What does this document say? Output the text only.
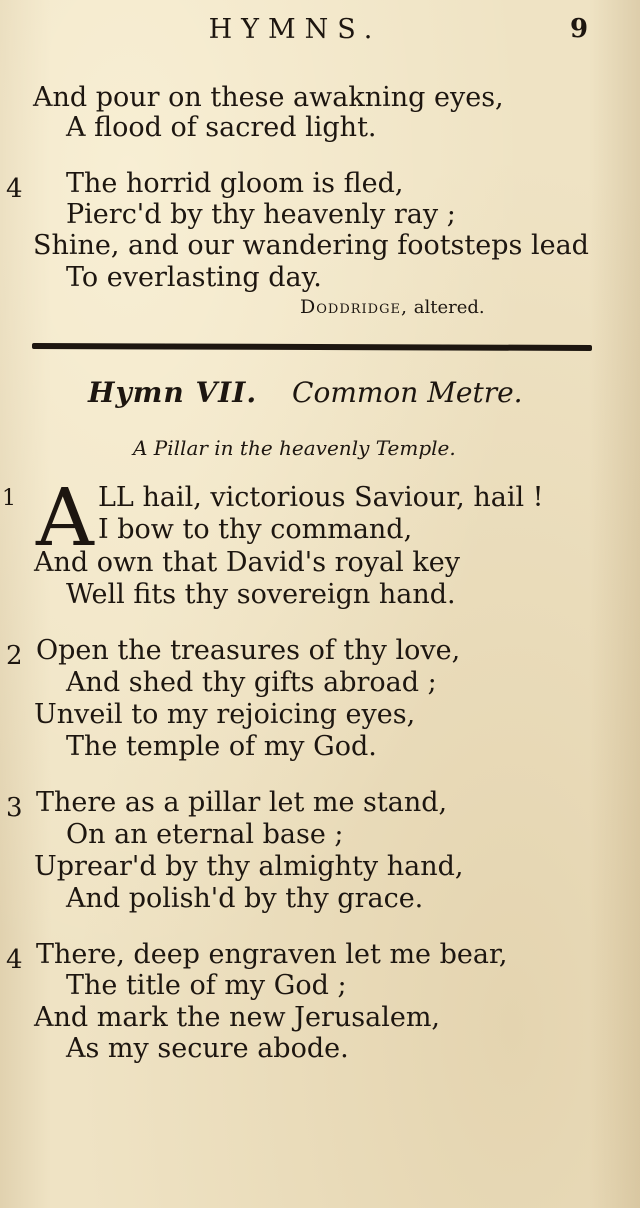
HYMNS.	9
And pour on these awakning eyes,
A flood of sacred light.
4 The horrid gloom is fled,
Pierc'd by thy heavenly ray ;
Shine, and our wandering footsteps lead
To everlasting day.
Doddridge, altered.
Hymn VII. Common Metre.
A Pillar in the heavenly Temple.
1 A LL hail, victorious Saviour, hail !
I bow to thy command,
And own that David's royal key
Well fits thy sovereign hand.
2 Open the treasures of thy love,
And shed thy gifts abroad ;
Unveil to my rejoicing eyes,
The temple of my God.
3 There as a pillar let me stand,
On an eternal base ;
Uprear'd by thy almighty hand,
And polish'd by thy grace.
4 There, deep engraven let me bear,
The title of my God ;
And mark the new Jerusalem,
As my secure abode.
